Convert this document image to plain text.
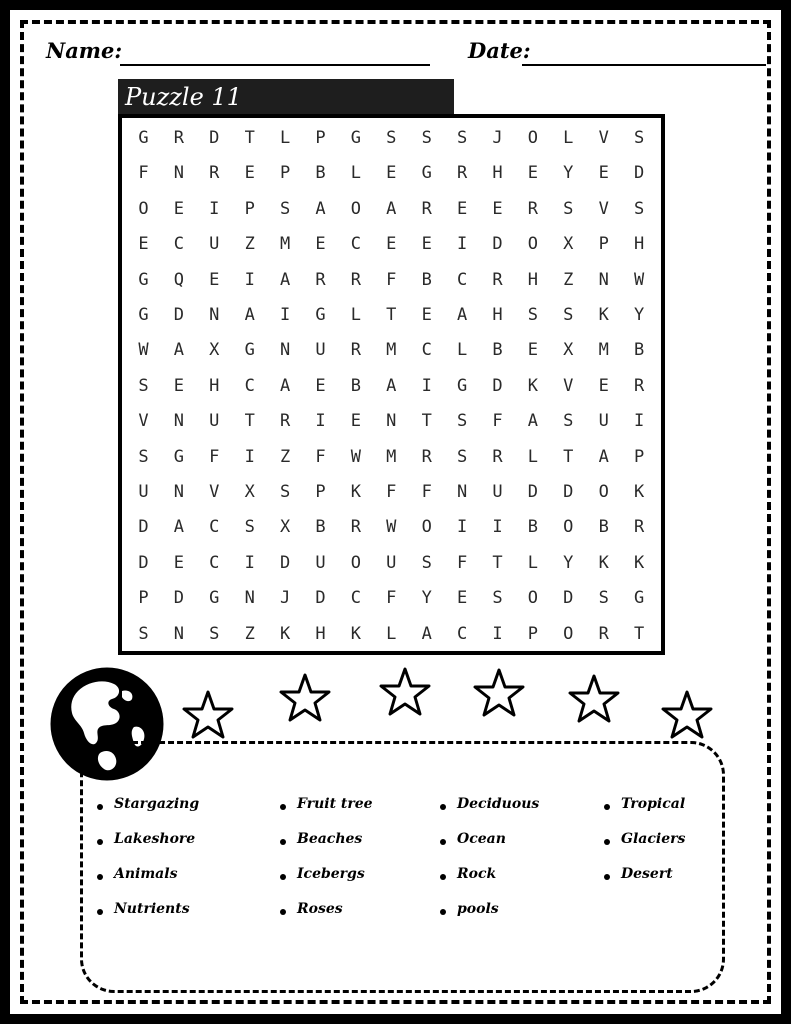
Name:	Date:
Puzzle 11
G	R	D	T	L	P	G	S	S	S	J	O	L	V	S
F	N	R	E	P	B	L	E	G	R	H	E	Y	E	D
O	E	I	P	S	A	O	A	R	E	E	R	S	V	S
E	C	U	Z	M	E	C	E	E	I	D	O	X	P	H
G	Q	E	I	A	R	R	F	B	C	R	H	Z	N	W
G	D	N	A	I	G	L	T	E	A	H	S	S	K	Y
W	A	X	G	N	U	R	M	C	L	B	E	X	M	B
S	E	H	C	A	E	B	A	I	G	D	K	V	E	R
V	N	U	T	R	I	E	N	T	S	F	A	S	U	I
S	G	F	I	Z	F	W	M	R	S	R	L	T	A	P
U	N	V	X	S	P	K	F	F	N	U	D	D	O	K
D	A	C	S	X	B	R	W	O	I	I	B	O	B	R
D	E	C	I	D	U	O	U	S	F	T	L	Y	K	K
P	D	G	N	J	D	C	F	Y	E	S	O	D	S	G
S	N	S	Z	K	H	K	L	A	C	I	P	O	R	T
Stargazing
Lakeshore
Animals
Nutrients
Fruit tree
Beaches
Icebergs
Roses
Deciduous
Ocean
Rock
pools
Tropical
Glaciers
Desert
